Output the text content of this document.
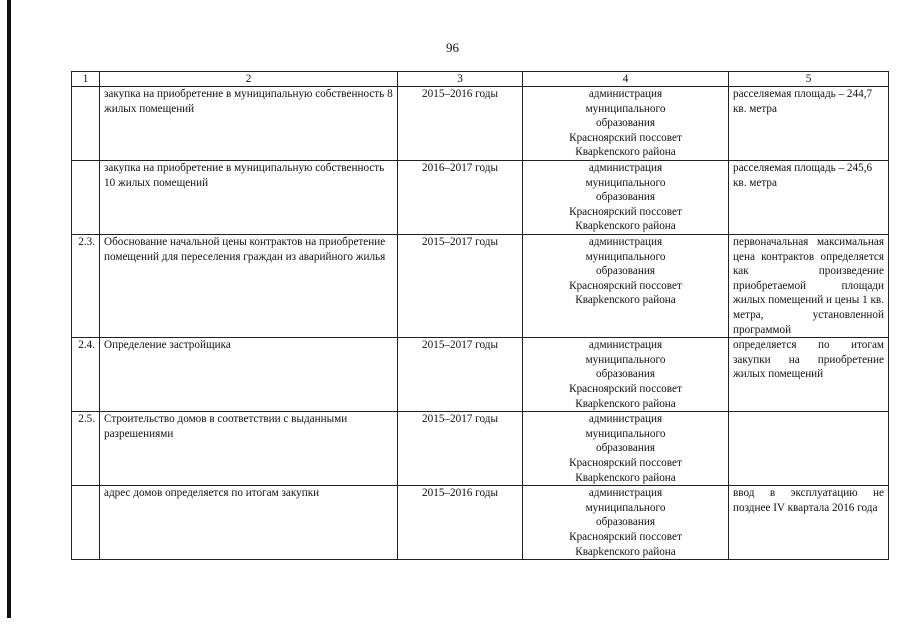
96
1	2	3	4	5
	закупка на приобретение в муниципальную собственность 8 жилых помещений	2015–2016 годы	администрация
муниципального
образования
Красноярский поссовет
Кварkenского района	расселяемая площадь – 244,7 кв. метра
	закупка на приобретение в муниципальную собственность 10 жилых помещений	2016–2017 годы	администрация
муниципального
образования
Красноярский поссовет
Кварkenского района	расселяемая площадь – 245,6 кв. метра
2.3.	Обоснование начальной цены контрактов на приобретение помещений для переселения граждан из аварийного жилья	2015–2017 годы	администрация
муниципального
образования
Красноярский поссовет
Кварkenского района	первоначальная максимальная цена контрактов определяется как произведение приобретаемой площади жилых помещений и цены 1 кв. метра, установленной программой
2.4.	Определение застройщика	2015–2017 годы	администрация
муниципального
образования
Красноярский поссовет
Кварkenского района	определяется по итогам закупки на приобретение жилых помещений
2.5.	Строительство домов в соответствии с выданными разрешениями	2015–2017 годы	администрация
муниципального
образования
Красноярский поссовет
Кварkenского района	

	адрес домов определяется по итогам закупки	2015–2016 годы	администрация
муниципального
образования
Красноярский поссовет
Кварkenского района	ввод в эксплуатацию не позднее IV квартала 2016 года
